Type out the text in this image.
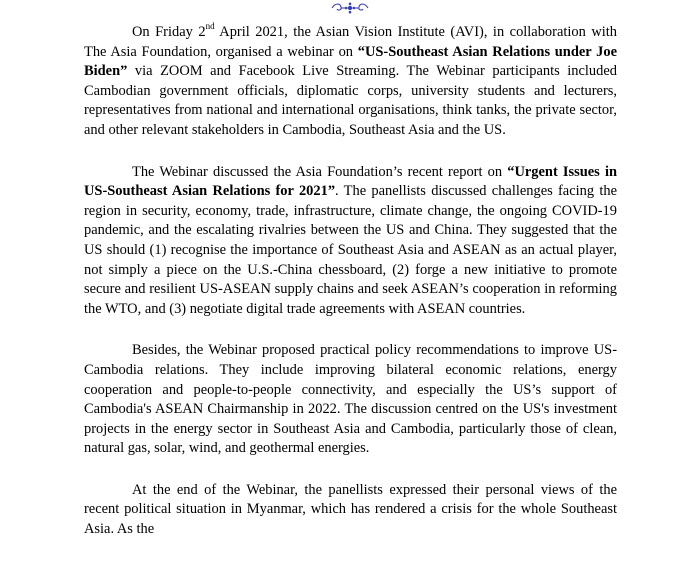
On Friday 2nd April 2021, the Asian Vision Institute (AVI), in collaboration with The Asia Foundation, organised a webinar on “US-Southeast Asian Relations under Joe Biden” via ZOOM and Facebook Live Streaming. The Webinar participants included Cambodian government officials, diplomatic corps, university students and lecturers, representatives from national and international organisations, think tanks, the private sector, and other relevant stakeholders in Cambodia, Southeast Asia and the US.

The Webinar discussed the Asia Foundation’s recent report on “Urgent Issues in US-Southeast Asian Relations for 2021”. The panellists discussed challenges facing the region in security, economy, trade, infrastructure, climate change, the ongoing COVID-19 pandemic, and the escalating rivalries between the US and China. They suggested that the US should (1) recognise the importance of Southeast Asia and ASEAN as an actual player, not simply a piece on the U.S.-China chessboard, (2) forge a new initiative to promote secure and resilient US-ASEAN supply chains and seek ASEAN’s cooperation in reforming the WTO, and (3) negotiate digital trade agreements with ASEAN countries.

Besides, the Webinar proposed practical policy recommendations to improve US-Cambodia relations. They include improving bilateral economic relations, energy cooperation and people-to-people connectivity, and especially the US’s support of Cambodia's ASEAN Chairmanship in 2022. The discussion centred on the US's investment projects in the energy sector in Southeast Asia and Cambodia, particularly those of clean, natural gas, solar, wind, and geothermal energies.

At the end of the Webinar, the panellists expressed their personal views of the recent political situation in Myanmar, which has rendered a crisis for the whole Southeast Asia. As the
